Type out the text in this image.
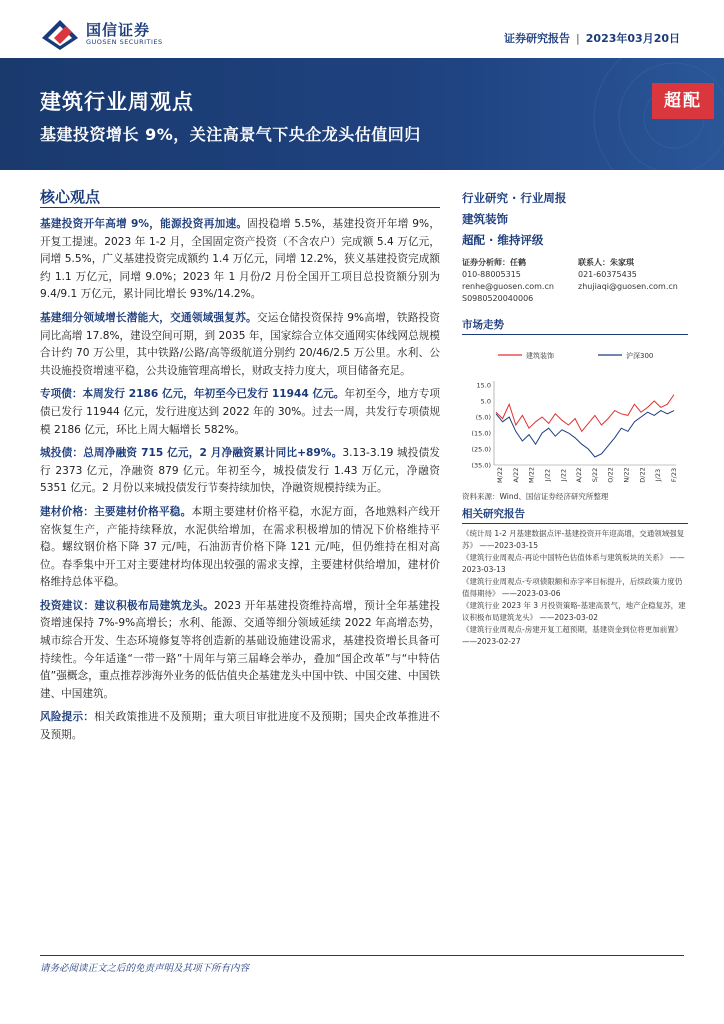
国信证券
GUOSEN SECURITIES	证券研究报告 | 2023年03月20日
建筑行业周观点
基建投资增长 9%，关注高景气下央企龙头估值回归
超配
核心观点

基建投资开年高增 9%，能源投资再加速。固投稳增 5.5%，基建投资开年增 9%，开复工提速。2023 年 1-2 月，全国固定资产投资（不含农户）完成额 5.4 万亿元，同增 5.5%，广义基建投资完成额约 1.4 万亿元，同增 12.2%，狭义基建投资完成额约 1.1 万亿元，同增 9.0%；2023 年 1 月份/2 月份全国开工项目总投资额分别为 9.4/9.1 万亿元，累计同比增长 93%/14.2%。

基建细分领域增长潜能大，交通领域强复苏。交运仓储投资保持 9%高增，铁路投资同比高增 17.8%，建设空间可期，到 2035 年，国家综合立体交通网实体线网总规模合计约 70 万公里，其中铁路/公路/高等级航道分别约 20/46/2.5 万公里。水利、公共设施投资增速平稳，公共设施管理高增长，财政支持力度大，项目储备充足。

专项债：本周发行 2186 亿元，年初至今已发行 11944 亿元。年初至今，地方专项债已发行 11944 亿元，发行进度达到 2022 年的 30%。过去一周，共发行专项债规模 2186 亿元，环比上周大幅增长 582%。

城投债：总周净融资 715 亿元，2 月净融资累计同比+89%。3.13-3.19 城投债发行 2373 亿元，净融资 879 亿元。年初至今，城投债发行 1.43 万亿元，净融资 5351 亿元。2 月份以来城投债发行节奏持续加快，净融资规模持续为正。

建材价格：主要建材价格平稳。本期主要建材价格平稳，水泥方面，各地熟料产线开窑恢复生产，产能持续释放，水泥供给增加，在需求积极增加的情况下价格维持平稳。螺纹钢价格下降 37 元/吨，石油沥青价格下降 121 元/吨，但仍维持在相对高位。春季集中开工对主要建材均体现出较强的需求支撑，主要建材供给增加，建材价格维持总体平稳。

投资建议：建议积极布局建筑龙头。2023 开年基建投资维持高增，预计全年基建投资增速保持 7%-9%高增长；水利、能源、交通等细分领域延续 2022 年高增态势，城市综合开发、生态环境修复等将创造新的基础设施建设需求，基建投资增长具备可持续性。今年适逢“一带一路”十周年与第三届峰会举办，叠加“国企改革”与“中特估值”强概念，重点推荐涉海外业务的低估值央企基建龙头中国中铁、中国交建、中国铁建、中国建筑。

风险提示：相关政策推进不及预期；重大项目审批进度不及预期；国央企改革推进不及预期。

行业研究 · 行业周报
建筑装饰
超配 · 维持评级
证券分析师：任鹤
010-88005315
renhe@guosen.com.cn
S0980520040006
联系人：朱家琪
021-60375435
zhujiaqi@guosen.com.cn
市场走势
建筑装饰	沪深300
15.0
5.0
(5.0)
(15.0)
(25.0)
(35.0)
M/22 A/22 M/22 J/22 J/22 A/22 S/22 O/22 N/22 D/22 J/23 F/23
资料来源：Wind、国信证券经济研究所整理
相关研究报告
《统计局 1-2 月基建数据点评-基建投资开年迎高增，交通领域强复苏》 ——2023-03-15
《建筑行业周观点-再论中国特色估值体系与建筑板块的关系》 ——2023-03-13
《建筑行业周观点-专项债限额和赤字率目标提升，后续政策力度仍值得期待》 ——2023-03-06
《建筑行业 2023 年 3 月投资策略-基建高景气，地产企稳复苏，建议积极布局建筑龙头》 ——2023-03-02
《建筑行业周观点-房建开复工超预期，基建资金到位将更加前置》 ——2023-02-27
请务必阅读正文之后的免责声明及其项下所有内容
